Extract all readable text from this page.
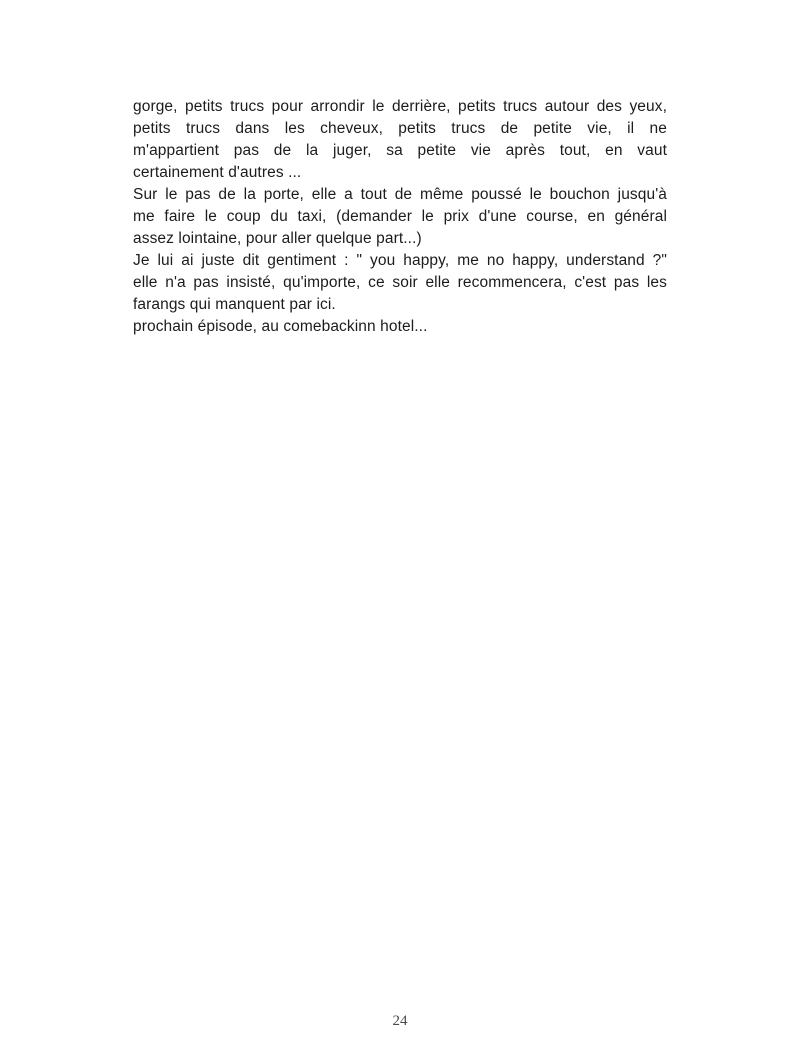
gorge, petits trucs pour arrondir le derrière, petits trucs autour des yeux,
petits trucs dans les cheveux, petits trucs de petite vie, il ne
m'appartient pas de la juger, sa petite vie après tout, en vaut
certainement d'autres ...

Sur le pas de la porte, elle a tout de même poussé le bouchon jusqu'à
me faire le coup du taxi, (demander le prix d'une course, en général
assez lointaine, pour aller quelque part...)

Je lui ai juste dit gentiment : " you happy, me no happy, understand ?"
elle n'a pas insisté, qu'importe, ce soir elle recommencera, c'est pas les
farangs qui manquent par ici.

prochain épisode, au comebackinn hotel...

24
